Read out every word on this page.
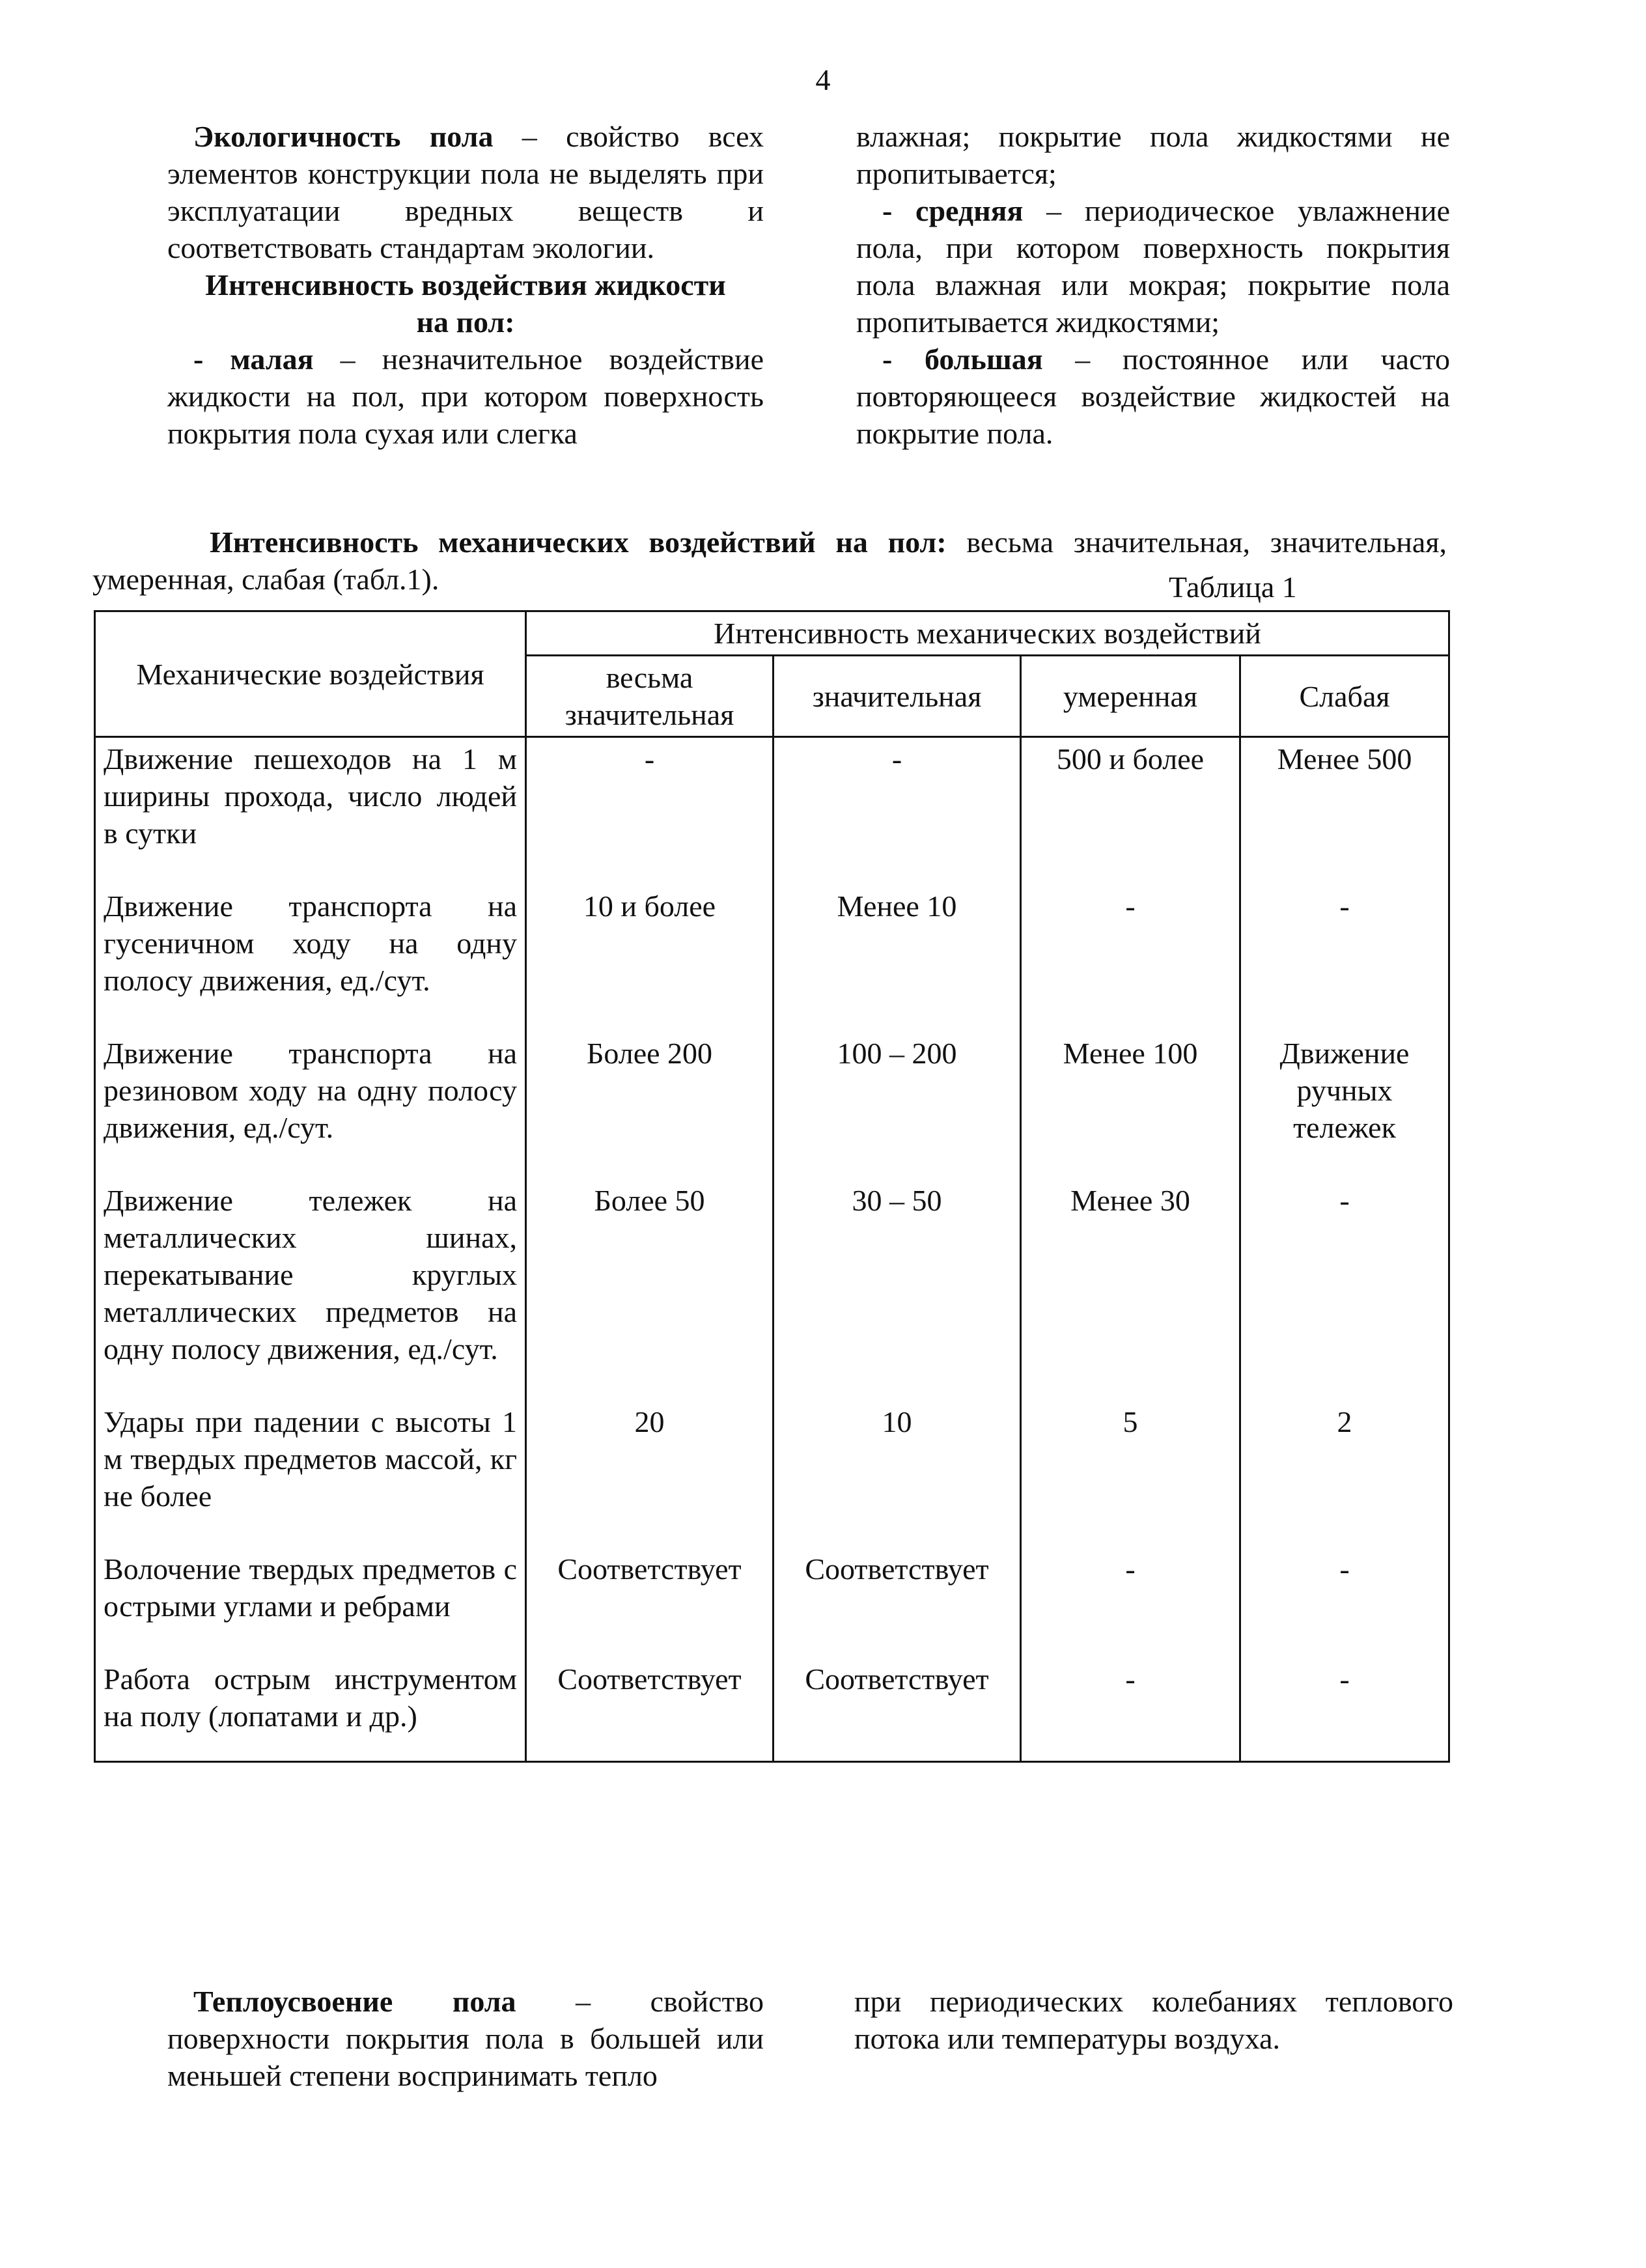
4

Экологичность пола – свойство всех элементов конструкции пола не выделять при эксплуатации вредных веществ и соответствовать стандартам экологии.

Интенсивность воздействия жидкости
на пол:

- малая – незначительное воздействие жидкости на пол, при котором поверхность покрытия пола сухая или слегка

влажная; покрытие пола жидкостями не пропитывается;

- средняя – периодическое увлажнение пола, при котором поверхность покрытия пола влажная или мокрая; покрытие пола пропитывается жидкостями;

- большая – постоянное или часто повторяющееся воздействие жидкостей на покрытие пола.

Интенсивность механических воздействий на пол: весьма значительная, значительная, умеренная, слабая (табл.1).	Таблица 1
Механические воздействия	Интенсивность механических воздействий			
	весьма значительная	значительная	умеренная	Слабая
Движение пешеходов на 1 м ширины прохода, число людей в сутки	-	-	500 и более	Менее 500
Движение транспорта на гусеничном ходу на одну полосу движения, ед./сут.	10 и более	Менее 10	-	-
Движение транспорта на резиновом ходу на одну полосу движения, ед./сут.	Более 200	100 – 200	Менее 100	Движение ручных тележек
Движение тележек на металлических шинах, перекатывание круглых металлических предметов на одну полосу движения, ед./сут.	Более 50	30 – 50	Менее 30	-
Удары при падении с высоты 1 м твердых предметов массой, кг не более	20	10	5	2
Волочение твердых предметов с острыми углами и ребрами	Соответствует	Соответствует	-	-
Работа острым инструментом на полу (лопатами и др.)	Соответствует	Соответствует	-	-

Теплоусвоение пола – свойство поверхности покрытия пола в большей или меньшей степени воспринимать тепло

при периодических колебаниях теплового потока или температуры воздуха.
